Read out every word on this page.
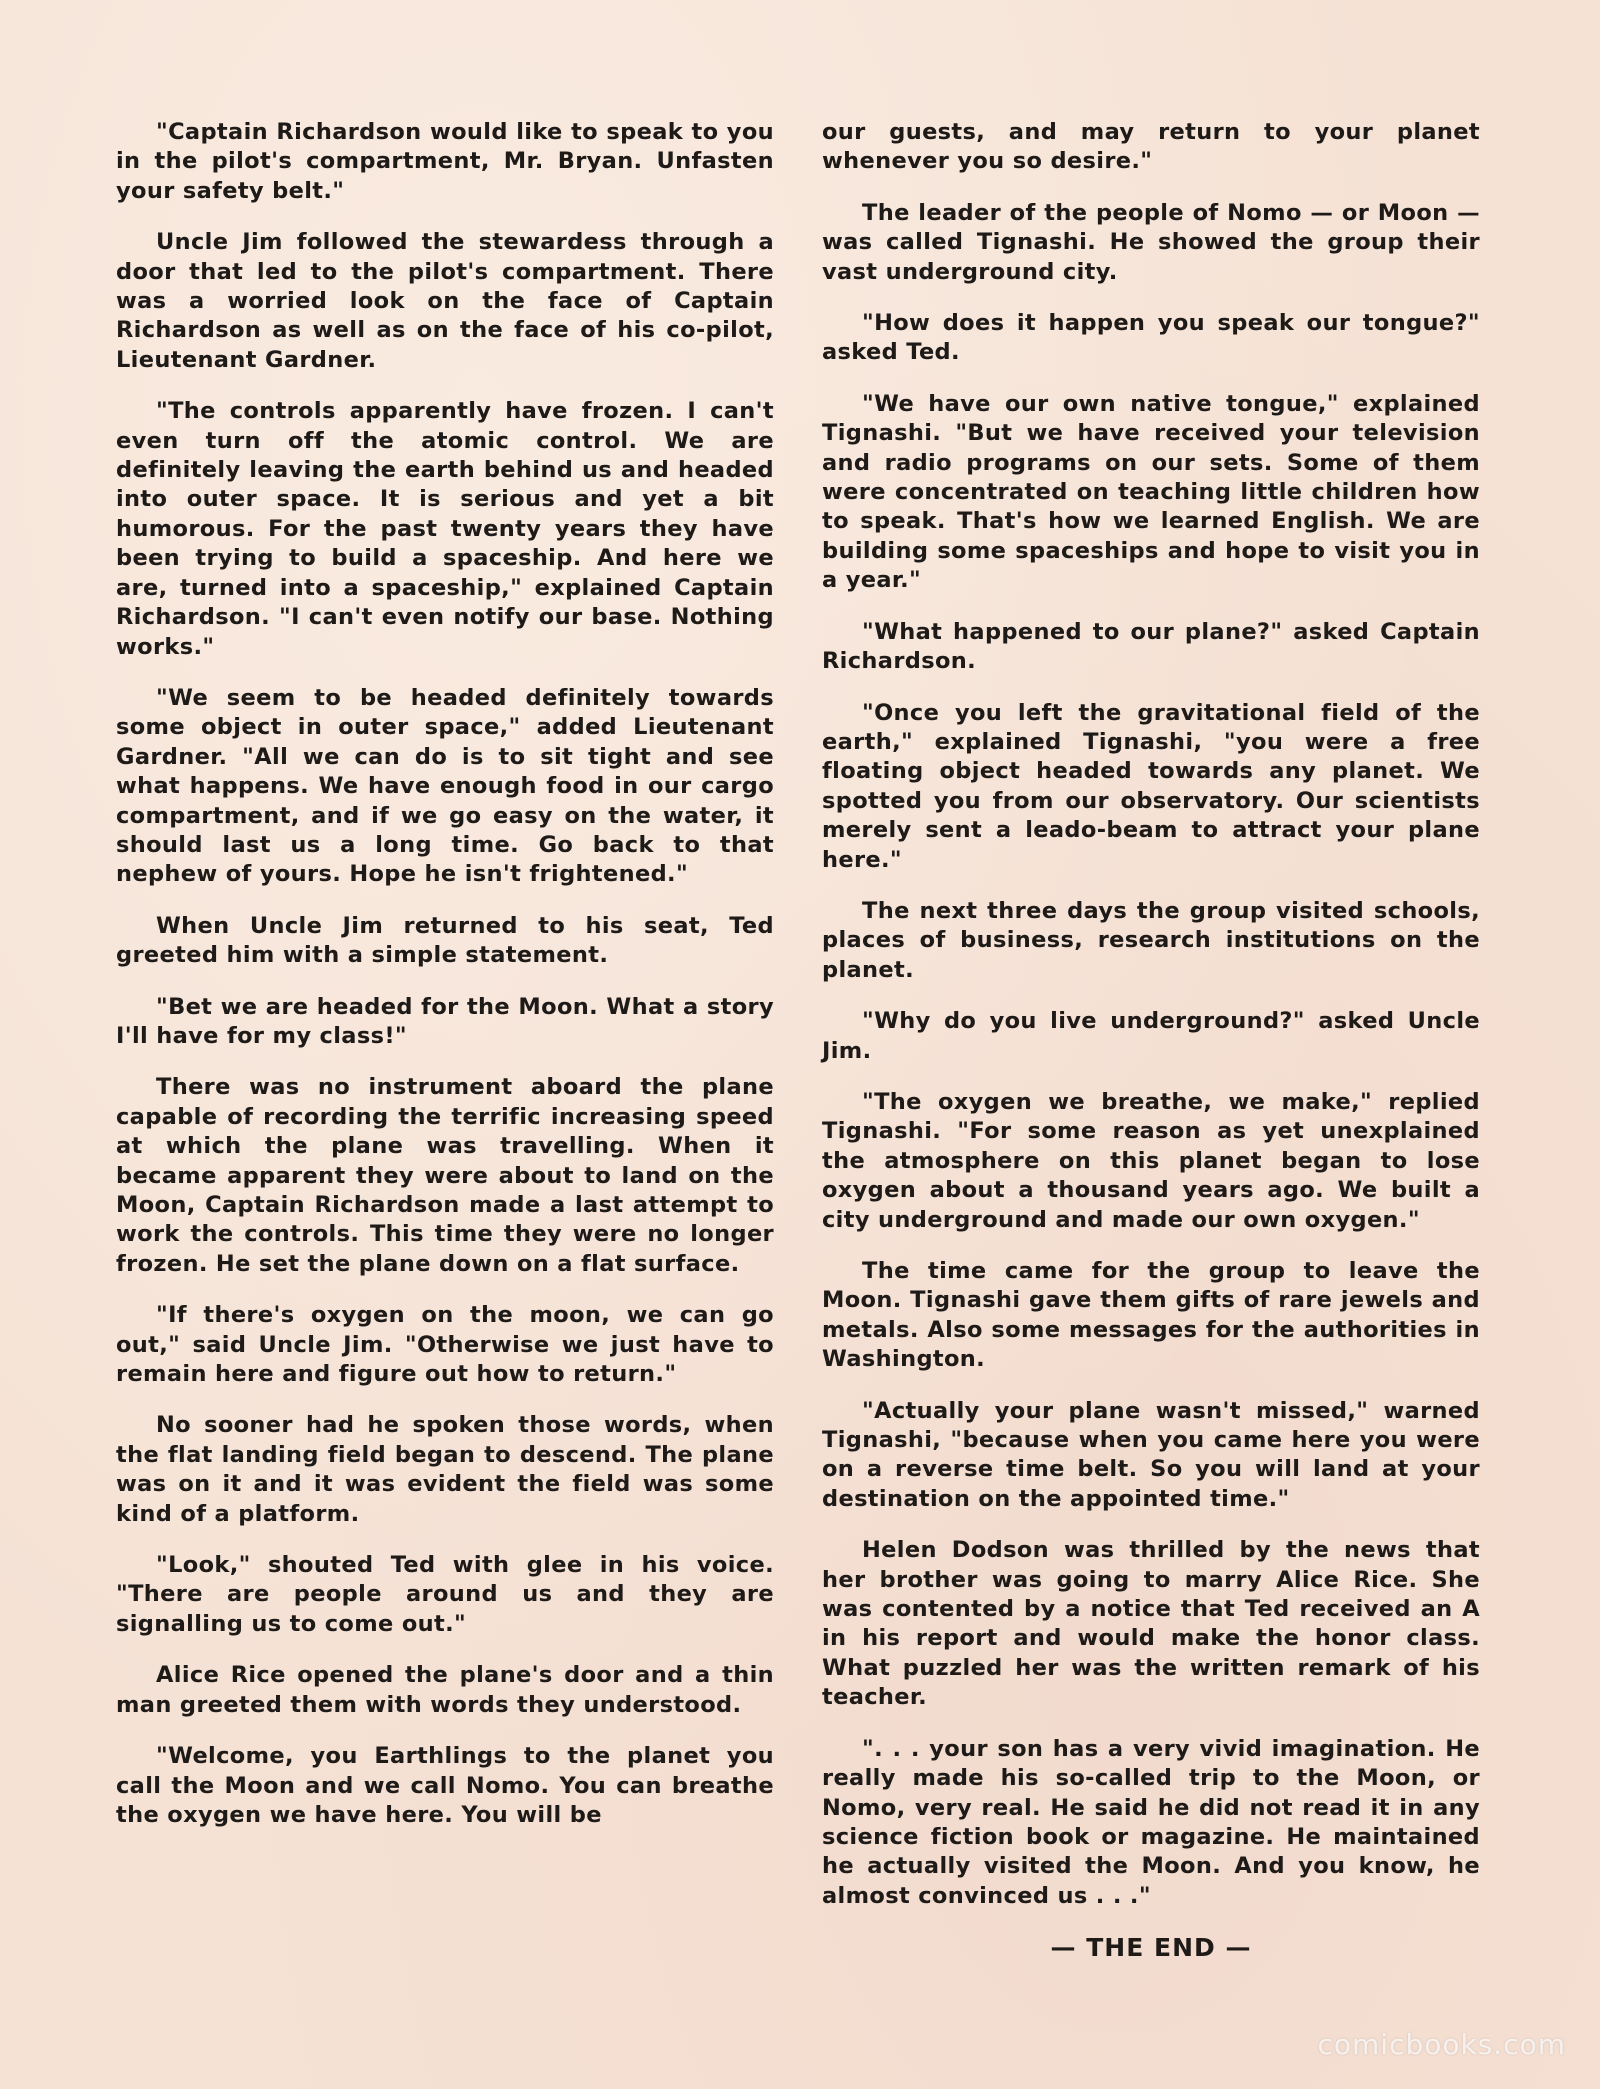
"Captain Richardson would like to speak to you in the pilot's compartment, Mr. Bryan. Unfasten your safety belt."

Uncle Jim followed the stewardess through a door that led to the pilot's compartment. There was a worried look on the face of Captain Richardson as well as on the face of his co-pilot, Lieutenant Gardner.

"The controls apparently have frozen. I can't even turn off the atomic control. We are definitely leaving the earth behind us and headed into outer space. It is serious and yet a bit humorous. For the past twenty years they have been trying to build a spaceship. And here we are, turned into a spaceship," explained Captain Richardson. "I can't even notify our base. Nothing works."

"We seem to be headed definitely towards some object in outer space," added Lieutenant Gardner. "All we can do is to sit tight and see what happens. We have enough food in our cargo compartment, and if we go easy on the water, it should last us a long time. Go back to that nephew of yours. Hope he isn't frightened."

When Uncle Jim returned to his seat, Ted greeted him with a simple statement.

"Bet we are headed for the Moon. What a story I'll have for my class!"

There was no instrument aboard the plane capable of recording the terrific increasing speed at which the plane was travelling. When it became apparent they were about to land on the Moon, Captain Richardson made a last attempt to work the controls. This time they were no longer frozen. He set the plane down on a flat surface.

"If there's oxygen on the moon, we can go out," said Uncle Jim. "Otherwise we just have to remain here and figure out how to return."

No sooner had he spoken those words, when the flat landing field began to descend. The plane was on it and it was evident the field was some kind of a platform.

"Look," shouted Ted with glee in his voice. "There are people around us and they are signalling us to come out."

Alice Rice opened the plane's door and a thin man greeted them with words they understood.

"Welcome, you Earthlings to the planet you call the Moon and we call Nomo. You can breathe the oxygen we have here. You will be

our guests, and may return to your planet whenever you so desire."

The leader of the people of Nomo — or Moon — was called Tignashi. He showed the group their vast underground city.

"How does it happen you speak our tongue?" asked Ted.

"We have our own native tongue," explained Tignashi. "But we have received your television and radio programs on our sets. Some of them were concentrated on teaching little children how to speak. That's how we learned English. We are building some spaceships and hope to visit you in a year."

"What happened to our plane?" asked Captain Richardson.

"Once you left the gravitational field of the earth," explained Tignashi, "you were a free floating object headed towards any planet. We spotted you from our observatory. Our scientists merely sent a leado-beam to attract your plane here."

The next three days the group visited schools, places of business, research institutions on the planet.

"Why do you live underground?" asked Uncle Jim.

"The oxygen we breathe, we make," replied Tignashi. "For some reason as yet unexplained the atmosphere on this planet began to lose oxygen about a thousand years ago. We built a city underground and made our own oxygen."

The time came for the group to leave the Moon. Tignashi gave them gifts of rare jewels and metals. Also some messages for the authorities in Washington.

"Actually your plane wasn't missed," warned Tignashi, "because when you came here you were on a reverse time belt. So you will land at your destination on the appointed time."

Helen Dodson was thrilled by the news that her brother was going to marry Alice Rice. She was contented by a notice that Ted received an A in his report and would make the honor class. What puzzled her was the written remark of his teacher.

". . . your son has a very vivid imagination. He really made his so-called trip to the Moon, or Nomo, very real. He said he did not read it in any science fiction book or magazine. He maintained he actually visited the Moon. And you know, he almost convinced us . . ."

— THE END —
comicbooks.com
